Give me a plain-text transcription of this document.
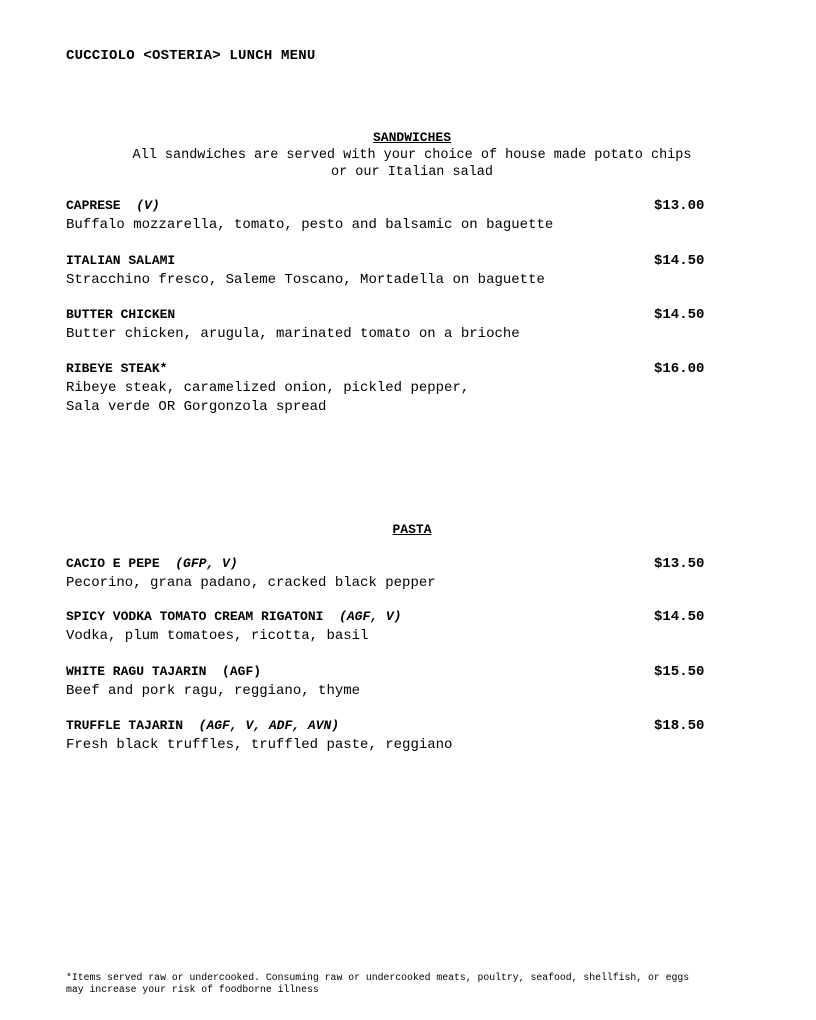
CUCCIOLO <OSTERIA> LUNCH MENU
SANDWICHES
All sandwiches are served with your choice of house made potato chips
or our Italian salad
CAPRESE (V)	$13.00
Buffalo mozzarella, tomato, pesto and balsamic on baguette
ITALIAN SALAMI	$14.50
Stracchino fresco, Saleme Toscano, Mortadella on baguette
BUTTER CHICKEN	$14.50
Butter chicken, arugula, marinated tomato on a brioche
RIBEYE STEAK*	$16.00
Ribeye steak, caramelized onion, pickled pepper,
Sala verde OR Gorgonzola spread
PASTA
CACIO E PEPE (GFP, V)	$13.50
Pecorino, grana padano, cracked black pepper
SPICY VODKA TOMATO CREAM RIGATONI (AGF, V)	$14.50
Vodka, plum tomatoes, ricotta, basil
WHITE RAGU TAJARIN (AGF)	$15.50
Beef and pork ragu, reggiano, thyme
TRUFFLE TAJARIN (AGF, V, ADF, AVN)	$18.50
Fresh black truffles, truffled paste, reggiano
*Items served raw or undercooked. Consuming raw or undercooked meats, poultry, seafood, shellfish, or eggs
may increase your risk of foodborne illness
